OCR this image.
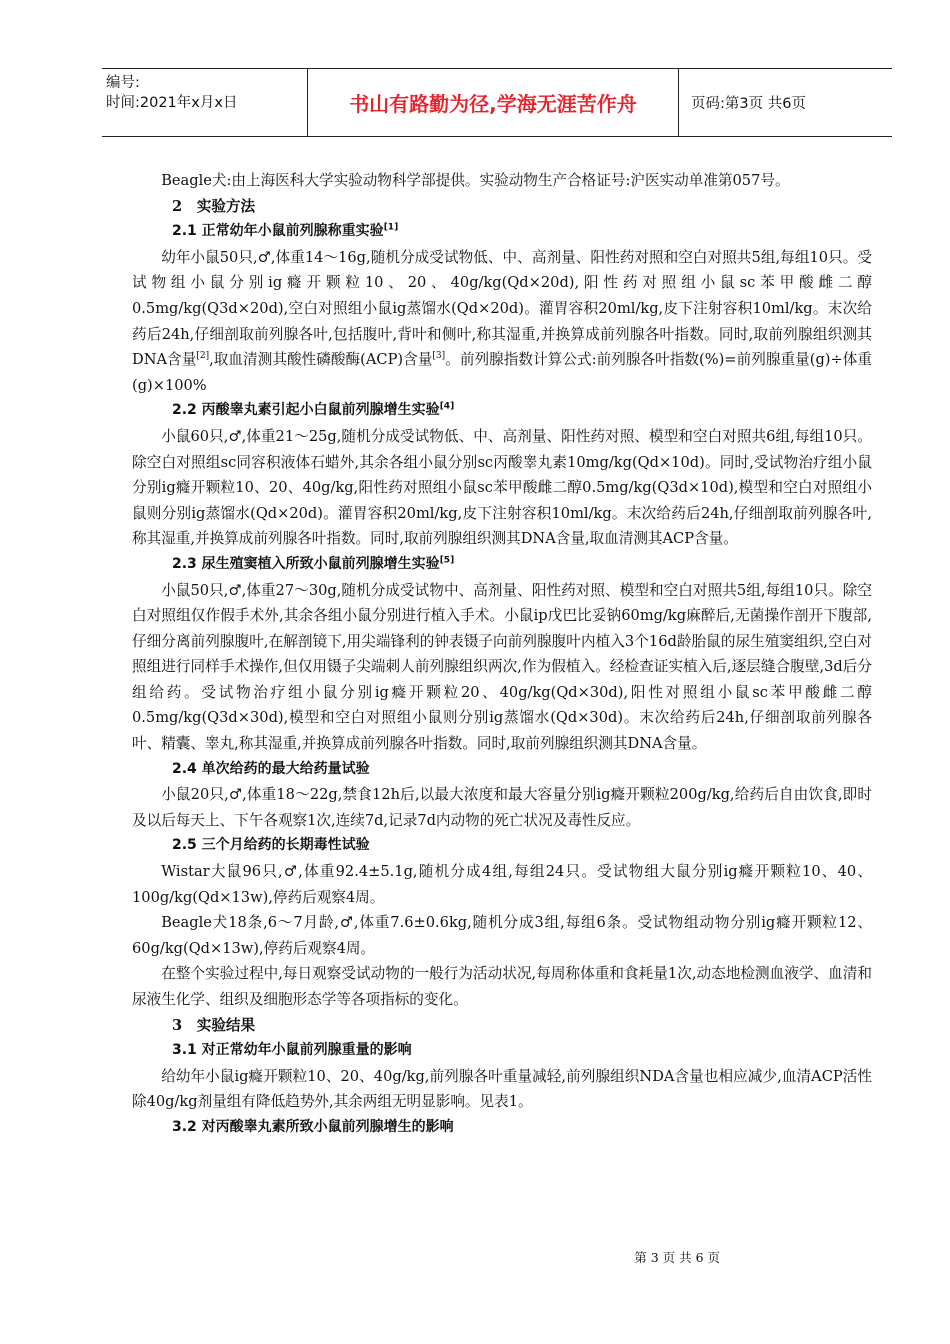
编号:
时间:2021年x月x日	书山有路勤为径,学海无涯苦作舟	页码:第3页 共6页

Beagle犬:由上海医科大学实验动物科学部提供。实验动物生产合格证号:沪医实动单准第057号。

2　实验方法

2.1 正常幼年小鼠前列腺称重实验[1]

幼年小鼠50只,♂,体重14～16g,随机分成受试物低、中、高剂量、阳性药对照和空白对照共5组,每组10只。受试物组小鼠分别ig癃开颗粒10、20、40g/kg(Qd×20d),阳性药对照组小鼠sc苯甲酸雌二醇0.5mg/kg(Q3d×20d),空白对照组小鼠ig蒸馏水(Qd×20d)。灌胃容积20ml/kg,皮下注射容积10ml/kg。末次给药后24h,仔细剖取前列腺各叶,包括腹叶,背叶和侧叶,称其湿重,并换算成前列腺各叶指数。同时,取前列腺组织测其DNA含量[2],取血清测其酸性磷酸酶(ACP)含量[3]。前列腺指数计算公式:前列腺各叶指数(%)=前列腺重量(g)÷体重(g)×100%

2.2 丙酸睾丸素引起小白鼠前列腺增生实验[4]

小鼠60只,♂,体重21～25g,随机分成受试物低、中、高剂量、阳性药对照、模型和空白对照共6组,每组10只。除空白对照组sc同容积液体石蜡外,其余各组小鼠分别sc丙酸睾丸素10mg/kg(Qd×10d)。同时,受试物治疗组小鼠分别ig癃开颗粒10、20、40g/kg,阳性药对照组小鼠sc苯甲酸雌二醇0.5mg/kg(Q3d×10d),模型和空白对照组小鼠则分别ig蒸馏水(Qd×20d)。灌胃容积20ml/kg,皮下注射容积10ml/kg。末次给药后24h,仔细剖取前列腺各叶,称其湿重,并换算成前列腺各叶指数。同时,取前列腺组织测其DNA含量,取血清测其ACP含量。

2.3 尿生殖窦植入所致小鼠前列腺增生实验[5]

小鼠50只,♂,体重27～30g,随机分成受试物中、高剂量、阳性药对照、模型和空白对照共5组,每组10只。除空白对照组仅作假手术外,其余各组小鼠分别进行植入手术。小鼠ip戊巴比妥钠60mg/kg麻醉后,无菌操作剖开下腹部,仔细分离前列腺腹叶,在解剖镜下,用尖端锋利的钟表镊子向前列腺腹叶内植入3个16d龄胎鼠的尿生殖窦组织,空白对照组进行同样手术操作,但仅用镊子尖端刺人前列腺组织两次,作为假植入。经检查证实植入后,逐层缝合腹壁,3d后分组给药。受试物治疗组小鼠分别ig癃开颗粒20、40g/kg(Qd×30d),阳性对照组小鼠sc苯甲酸雌二醇0.5mg/kg(Q3d×30d),模型和空白对照组小鼠则分别ig蒸馏水(Qd×30d)。末次给药后24h,仔细剖取前列腺各叶、精囊、睾丸,称其湿重,并换算成前列腺各叶指数。同时,取前列腺组织测其DNA含量。

2.4 单次给药的最大给药量试验

小鼠20只,♂,体重18～22g,禁食12h后,以最大浓度和最大容量分别ig癃开颗粒200g/kg,给药后自由饮食,即时及以后每天上、下午各观察1次,连续7d,记录7d内动物的死亡状况及毒性反应。

2.5 三个月给药的长期毒性试验

Wistar大鼠96只,♂,体重92.4±5.1g,随机分成4组,每组24只。受试物组大鼠分别ig癃开颗粒10、40、100g/kg(Qd×13w),停药后观察4周。

Beagle犬18条,6～7月龄,♂,体重7.6±0.6kg,随机分成3组,每组6条。受试物组动物分别ig癃开颗粒12、60g/kg(Qd×13w),停药后观察4周。

在整个实验过程中,每日观察受试动物的一般行为活动状况,每周称体重和食耗量1次,动态地检测血液学、血清和尿液生化学、组织及细胞形态学等各项指标的变化。

3　实验结果

3.1 对正常幼年小鼠前列腺重量的影响

给幼年小鼠ig癃开颗粒10、20、40g/kg,前列腺各叶重量减轻,前列腺组织NDA含量也相应减少,血清ACP活性除40g/kg剂量组有降低趋势外,其余两组无明显影响。见表1。

3.2 对丙酸睾丸素所致小鼠前列腺增生的影响

第 3 页 共 6 页
